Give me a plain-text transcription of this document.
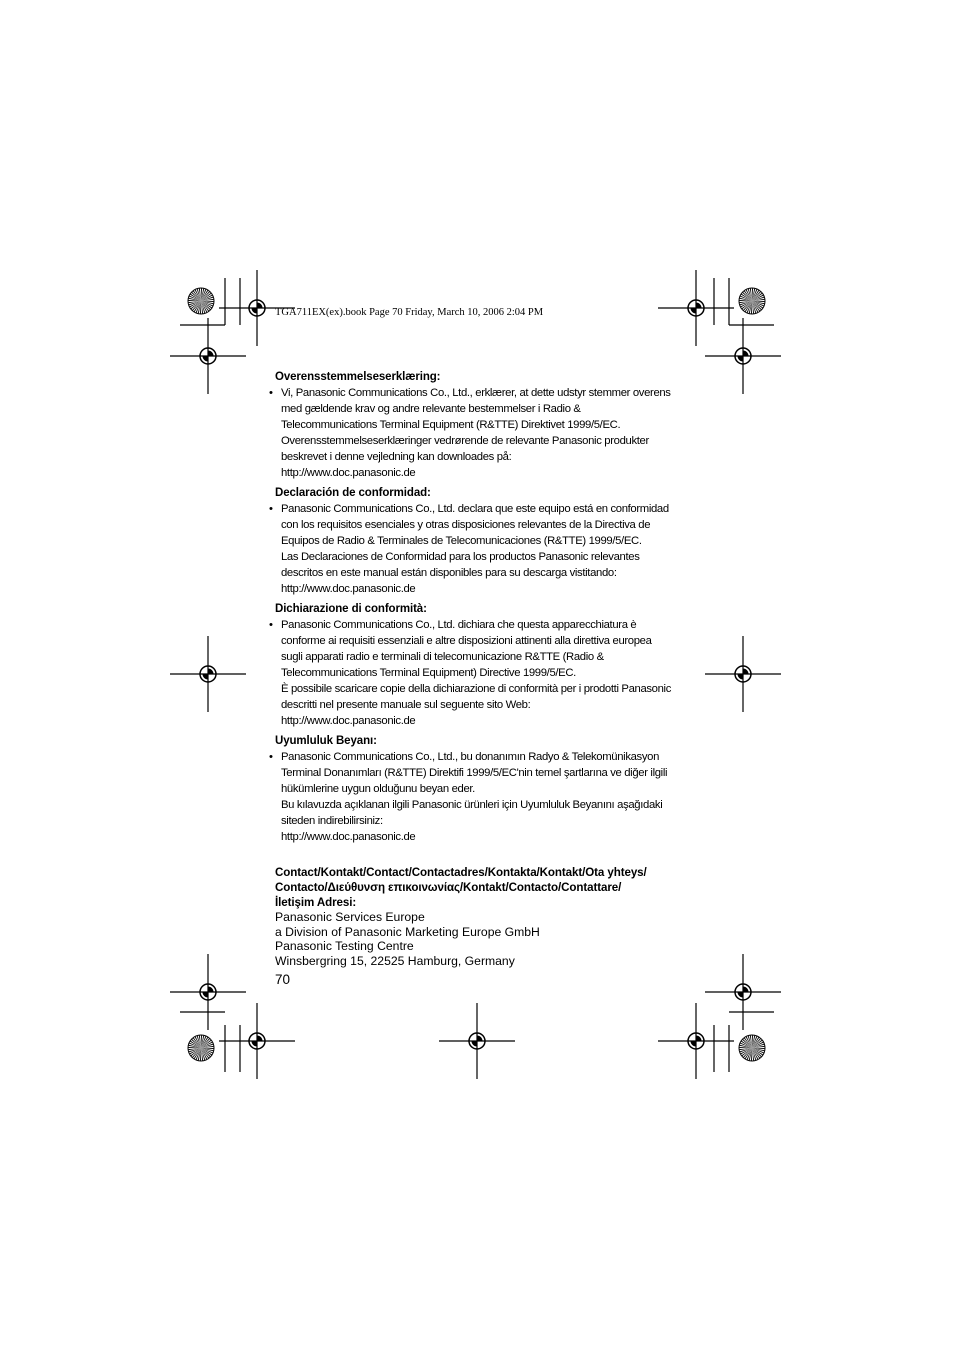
TGA711EX(ex).book Page 70 Friday, March 10, 2006 2:04 PM
Overensstemmelseserklæring:
• Vi, Panasonic Communications Co., Ltd., erklærer, at dette udstyr stemmer overens
med gældende krav og andre relevante bestemmelser i Radio &
Telecommunications Terminal Equipment (R&TTE) Direktivet 1999/5/EC.
Overensstemmelseserklæringer vedrørende de relevante Panasonic produkter
beskrevet i denne vejledning kan downloades på:
http://www.doc.panasonic.de
Declaración de conformidad:
• Panasonic Communications Co., Ltd. declara que este equipo está en conformidad
con los requisitos esenciales y otras disposiciones relevantes de la Directiva de
Equipos de Radio & Terminales de Telecomunicaciones (R&TTE) 1999/5/EC.
Las Declaraciones de Conformidad para los productos Panasonic relevantes
descritos en este manual están disponibles para su descarga vistitando:
http://www.doc.panasonic.de
Dichiarazione di conformità:
• Panasonic Communications Co., Ltd. dichiara che questa apparecchiatura è
conforme ai requisiti essenziali e altre disposizioni attinenti alla direttiva europea
sugli apparati radio e terminali di telecomunicazione R&TTE (Radio &
Telecommunications Terminal Equipment) Directive 1999/5/EC.
È possibile scaricare copie della dichiarazione di conformità per i prodotti Panasonic
descritti nel presente manuale sul seguente sito Web:
http://www.doc.panasonic.de
Uyumluluk Beyanı:
• Panasonic Communications Co., Ltd., bu donanımın Radyo & Telekomünikasyon
Terminal Donanımları (R&TTE) Direktifi 1999/5/EC'nin temel şartlarına ve diğer ilgili
hükümlerine uygun olduğunu beyan eder.
Bu kılavuzda açıklanan ilgili Panasonic ürünleri için Uyumluluk Beyanını aşağıdaki
siteden indirebilirsiniz:
http://www.doc.panasonic.de
Contact/Kontakt/Contact/Contactadres/Kontakta/Kontakt/Ota yhteys/
Contacto/Διεύθυνση επικοινωνίας/Kontakt/Contacto/Contattare/
İletişim Adresi:
Panasonic Services Europe
a Division of Panasonic Marketing Europe GmbH
Panasonic Testing Centre
Winsbergring 15, 22525 Hamburg, Germany
70
